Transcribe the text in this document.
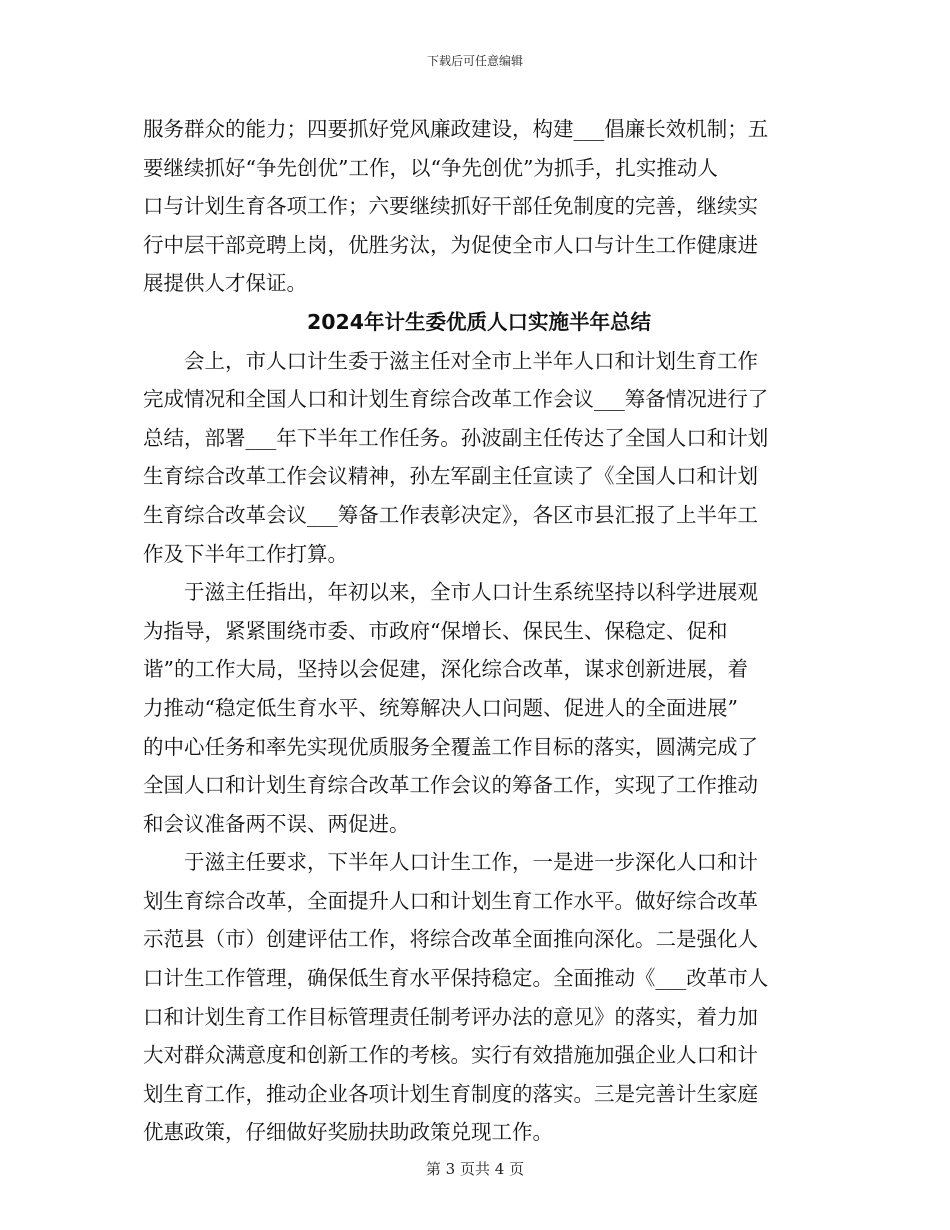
下载后可任意编辑

服务群众的能力；四要抓好党风廉政建设，构建___倡廉长效机制；五
要继续抓好“争先创优”工作，以“争先创优”为抓手，扎实推动人
口与计划生育各项工作；六要继续抓好干部任免制度的完善，继续实
行中层干部竞聘上岗，优胜劣汰，为促使全市人口与计生工作健康进
展提供人才保证。

2024年计生委优质人口实施半年总结

会上，市人口计生委于滋主任对全市上半年人口和计划生育工作
完成情况和全国人口和计划生育综合改革工作会议___筹备情况进行了
总结，部署___年下半年工作任务。孙波副主任传达了全国人口和计划
生育综合改革工作会议精神，孙左军副主任宣读了《全国人口和计划
生育综合改革会议___筹备工作表彰决定》，各区市县汇报了上半年工
作及下半年工作打算。

于滋主任指出，年初以来，全市人口计生系统坚持以科学进展观
为指导，紧紧围绕市委、市政府“保增长、保民生、保稳定、促和
谐”的工作大局，坚持以会促建，深化综合改革，谋求创新进展，着
力推动“稳定低生育水平、统筹解决人口问题、促进人的全面进展”
的中心任务和率先实现优质服务全覆盖工作目标的落实，圆满完成了
全国人口和计划生育综合改革工作会议的筹备工作，实现了工作推动
和会议准备两不误、两促进。

于滋主任要求，下半年人口计生工作，一是进一步深化人口和计
划生育综合改革，全面提升人口和计划生育工作水平。做好综合改革
示范县（市）创建评估工作，将综合改革全面推向深化。二是强化人
口计生工作管理，确保低生育水平保持稳定。全面推动《___改革市人
口和计划生育工作目标管理责任制考评办法的意见》的落实，着力加
大对群众满意度和创新工作的考核。实行有效措施加强企业人口和计
划生育工作，推动企业各项计划生育制度的落实。三是完善计生家庭
优惠政策，仔细做好奖励扶助政策兑现工作。

第 3 页共 4 页
